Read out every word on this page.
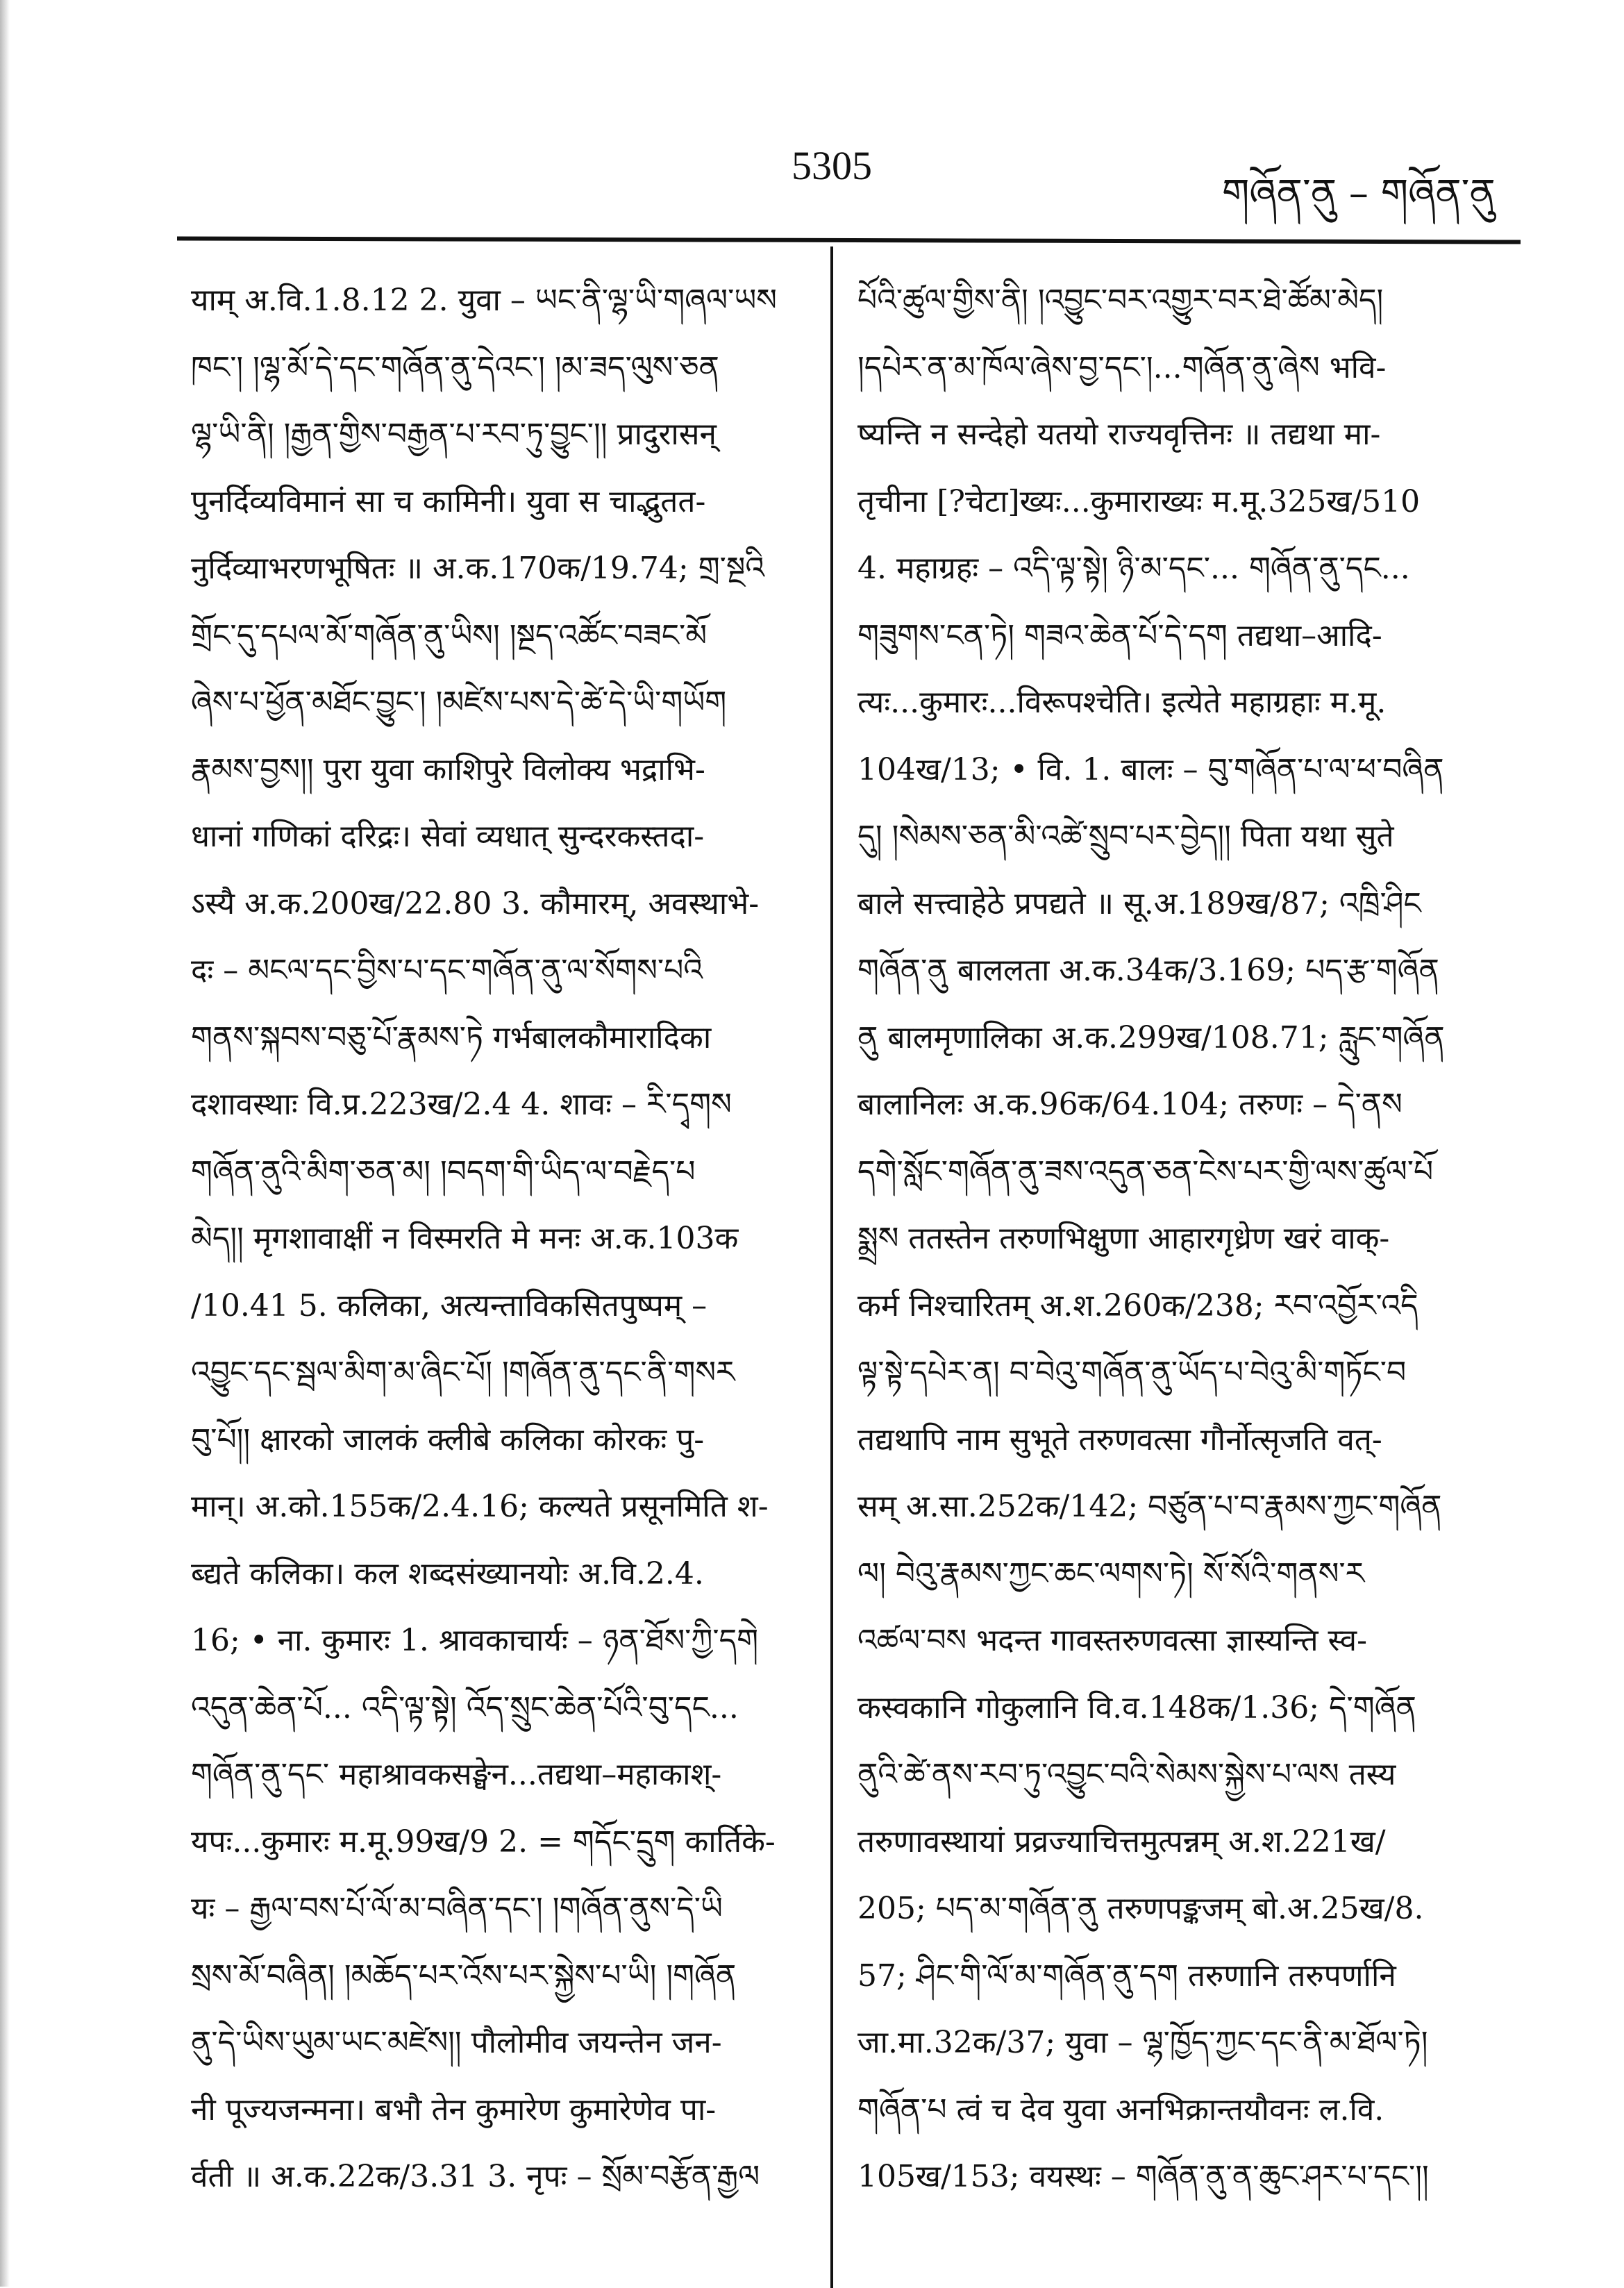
5305
གཞོན་ནུ – གཞོན་ནུ
याम् अ.वि.1.8.12 2. युवा – ཡང་ནི་ལྷ་ཡི་གཞལ་ཡས
ཁང་། །ལྷ་མོ་དེ་དང་གཞོན་ནུ་དེའང་། །མ་ཟད་ལུས་ཅན
ལྷ་ཡི་ནི། །རྒྱན་གྱིས་བརྒྱན་པ་རབ་ཏུ་བྱུང་།། प्रादुरासन्
पुनर्दिव्यविमानं सा च कामिनी। युवा स चाद्भुतत-
नुर्दिव्याभरणभूषितः ॥ अ.क.170क/19.74; གྲ་སྔའི
གྲོང་དུ་དཔལ་མོ་གཞོན་ནུ་ཡིས། །སྔད་འཚོང་བཟང་མོ
ཞེས་པ་ཕྱོན་མཐོང་བྱུང་། །མཛེས་པས་དེ་ཚེ་དེ་ཡི་གཡོག
རྣམས་བྱས།། पुरा युवा काशिपुरे विलोक्य भद्राभि-
धानां गणिकां दरिद्रः। सेवां व्यधात् सुन्दरकस्तदा-
ऽस्यै अ.क.200ख/22.80 3. कौमारम्, अवस्थाभे-
दः – མངལ་དང་བྱིས་པ་དང་གཞོན་ནུ་ལ་སོགས་པའི
གནས་སྐབས་བཅུ་པོ་རྣམས་ཏེ गर्भबालकौमारादिका
दशावस्थाः वि.प्र.223ख/2.4 4. शावः – རི་དྭགས
གཞོན་ནུའི་མིག་ཅན་མ། །བདག་གི་ཡིད་ལ་བརྗེད་པ
མེད།། मृगशावाक्षीं न विस्मरति मे मनः अ.क.103क
/10.41 5. कलिका, अत्यन्ताविकसितपुष्पम् –
འབྱུང་དང་སྦལ་མིག་མ་ཞིང་པོ། །གཞོན་ནུ་དང་ནི་གསར
བུ་པོ།། क्षारको जालकं क्लीबे कलिका कोरकः पु-
मान्। अ.को.155क/2.4.16; कल्यते प्रसूनमिति श-
ब्द्यते कलिका। कल शब्दसंख्यानयोः अ.वि.2.4.
16; • ना. कुमारः 1. श्रावकाचार्यः – ཉན་ཐོས་ཀྱི་དགེ
འདུན་ཆེན་པོ... འདི་ལྟ་སྟེ། འོད་སྲུང་ཆེན་པོའི་བུ་དང...
གཞོན་ནུ་དང་ महाश्रावकसङ्घेन...तद्यथा–महाकाश्-
यपः...कुमारः म.मू.99ख/9 2. = གདོང་དྲུག कार्तिके-
यः – རྒྱལ་བས་པོ་ལོ་མ་བཞིན་དང་། །གཞོན་ནུས་དེ་ཡི
སྲས་མོ་བཞིན། །མཆོད་པར་འོས་པར་སྐྱེས་པ་ཡི། །གཞོན
ནུ་དེ་ཡིས་ཡུམ་ཡང་མཛེས།། पौलोमीव जयन्तेन जन-
नी पूज्यजन्मना। बभौ तेन कुमारेण कुमारेणेव पा-
र्वती ॥ अ.क.22क/3.31 3. नृपः – སྲོམ་བརྩོན་རྒྱལ
པོའི་ཚུལ་གྱིས་ནི། །འབྱུང་བར་འགྱུར་བར་ཐེ་ཚོམ་མེད།
།དཔེར་ན་མ་ཁོལ་ཞེས་བྱ་དང་།...གཞོན་ནུ་ཞེས भवि-
ष्यन्ति न सन्देहो यतयो राज्यवृत्तिनः ॥ तद्यथा मा-
तृचीना [?चेटा]ख्यः...कुमाराख्यः म.मू.325ख/510
4. महाग्रहः – འདི་ལྟ་སྟེ། ཉི་མ་དང་... གཞོན་ནུ་དང...
གཟུགས་ངན་ཏེ། གཟའ་ཆེན་པོ་དེ་དག तद्यथा–आदि-
त्यः...कुमारः...विरूपश्चेति। इत्येते महाग्रहाः म.मू.
104ख/13; • वि. 1. बालः – བུ་གཞོན་པ་ལ་ཕ་བཞིན
དུ། །སེམས་ཅན་མི་འཚེ་སྲུབ་པར་བྱེད།། पिता यथा सुते
बाले सत्त्वाहेठे प्रपद्यते ॥ सू.अ.189ख/87; འཁྲི་ཤིང
གཞོན་ནུ बाललता अ.क.34क/3.169; པད་རྩ་གཞོན
ནུ बालमृणालिका अ.क.299ख/108.71; རླུང་གཞོན
बालानिलः अ.क.96क/64.104; तरुणः – དེ་ནས
དགེ་སློང་གཞོན་ནུ་ཟས་འདུན་ཅན་ངེས་པར་གྱི་ལས་ཚུལ་པོ
སྨྲས ततस्तेन तरुणभिक्षुणा आहारगृध्रेण खरं वाक्-
कर्म निश्चारितम् अ.श.260क/238; རབ་འབྱོར་འདི
ལྟ་སྟེ་དཔེར་ན། བ་བེའུ་གཞོན་ནུ་ཡོད་པ་བེའུ་མི་གཏོང་བ
तद्यथापि नाम सुभूते तरुणवत्सा गौर्नोत्सृजति वत्-
सम् अ.सा.252क/142; བཙུན་པ་བ་རྣམས་ཀྱང་གཞོན
ལ། བེའུ་རྣམས་ཀྱང་ཆང་ལགས་ཏེ། སོ་སོའི་གནས་ར
འཚལ་བས भदन्त गावस्तरुणवत्सा ज्ञास्यन्ति स्व-
कस्वकानि गोकुलानि वि.व.148क/1.36; དེ་གཞོན
ནུའི་ཚེ་ནས་རབ་ཏུ་འབྱུང་བའི་སེམས་སྐྱེས་པ་ལས तस्य
तरुणावस्थायां प्रव्रज्याचित्तमुत्पन्नम् अ.श.221ख/
205; པད་མ་གཞོན་ནུ तरुणपङ्कजम् बो.अ.25ख/8.
57; ཤིང་གི་ལོ་མ་གཞོན་ནུ་དག तरुणानि तरुपर्णानि
जा.मा.32क/37; युवा – ལྷ་ཁྱོད་ཀྱང་དང་ནི་མ་ཐོལ་ཏེ།
གཞོན་པ त्वं च देव युवा अनभिक्रान्तयौवनः ल.वि.
105ख/153; वयस्थः – གཞོན་ནུ་ན་ཆུང་ཤར་པ་དང་།།
